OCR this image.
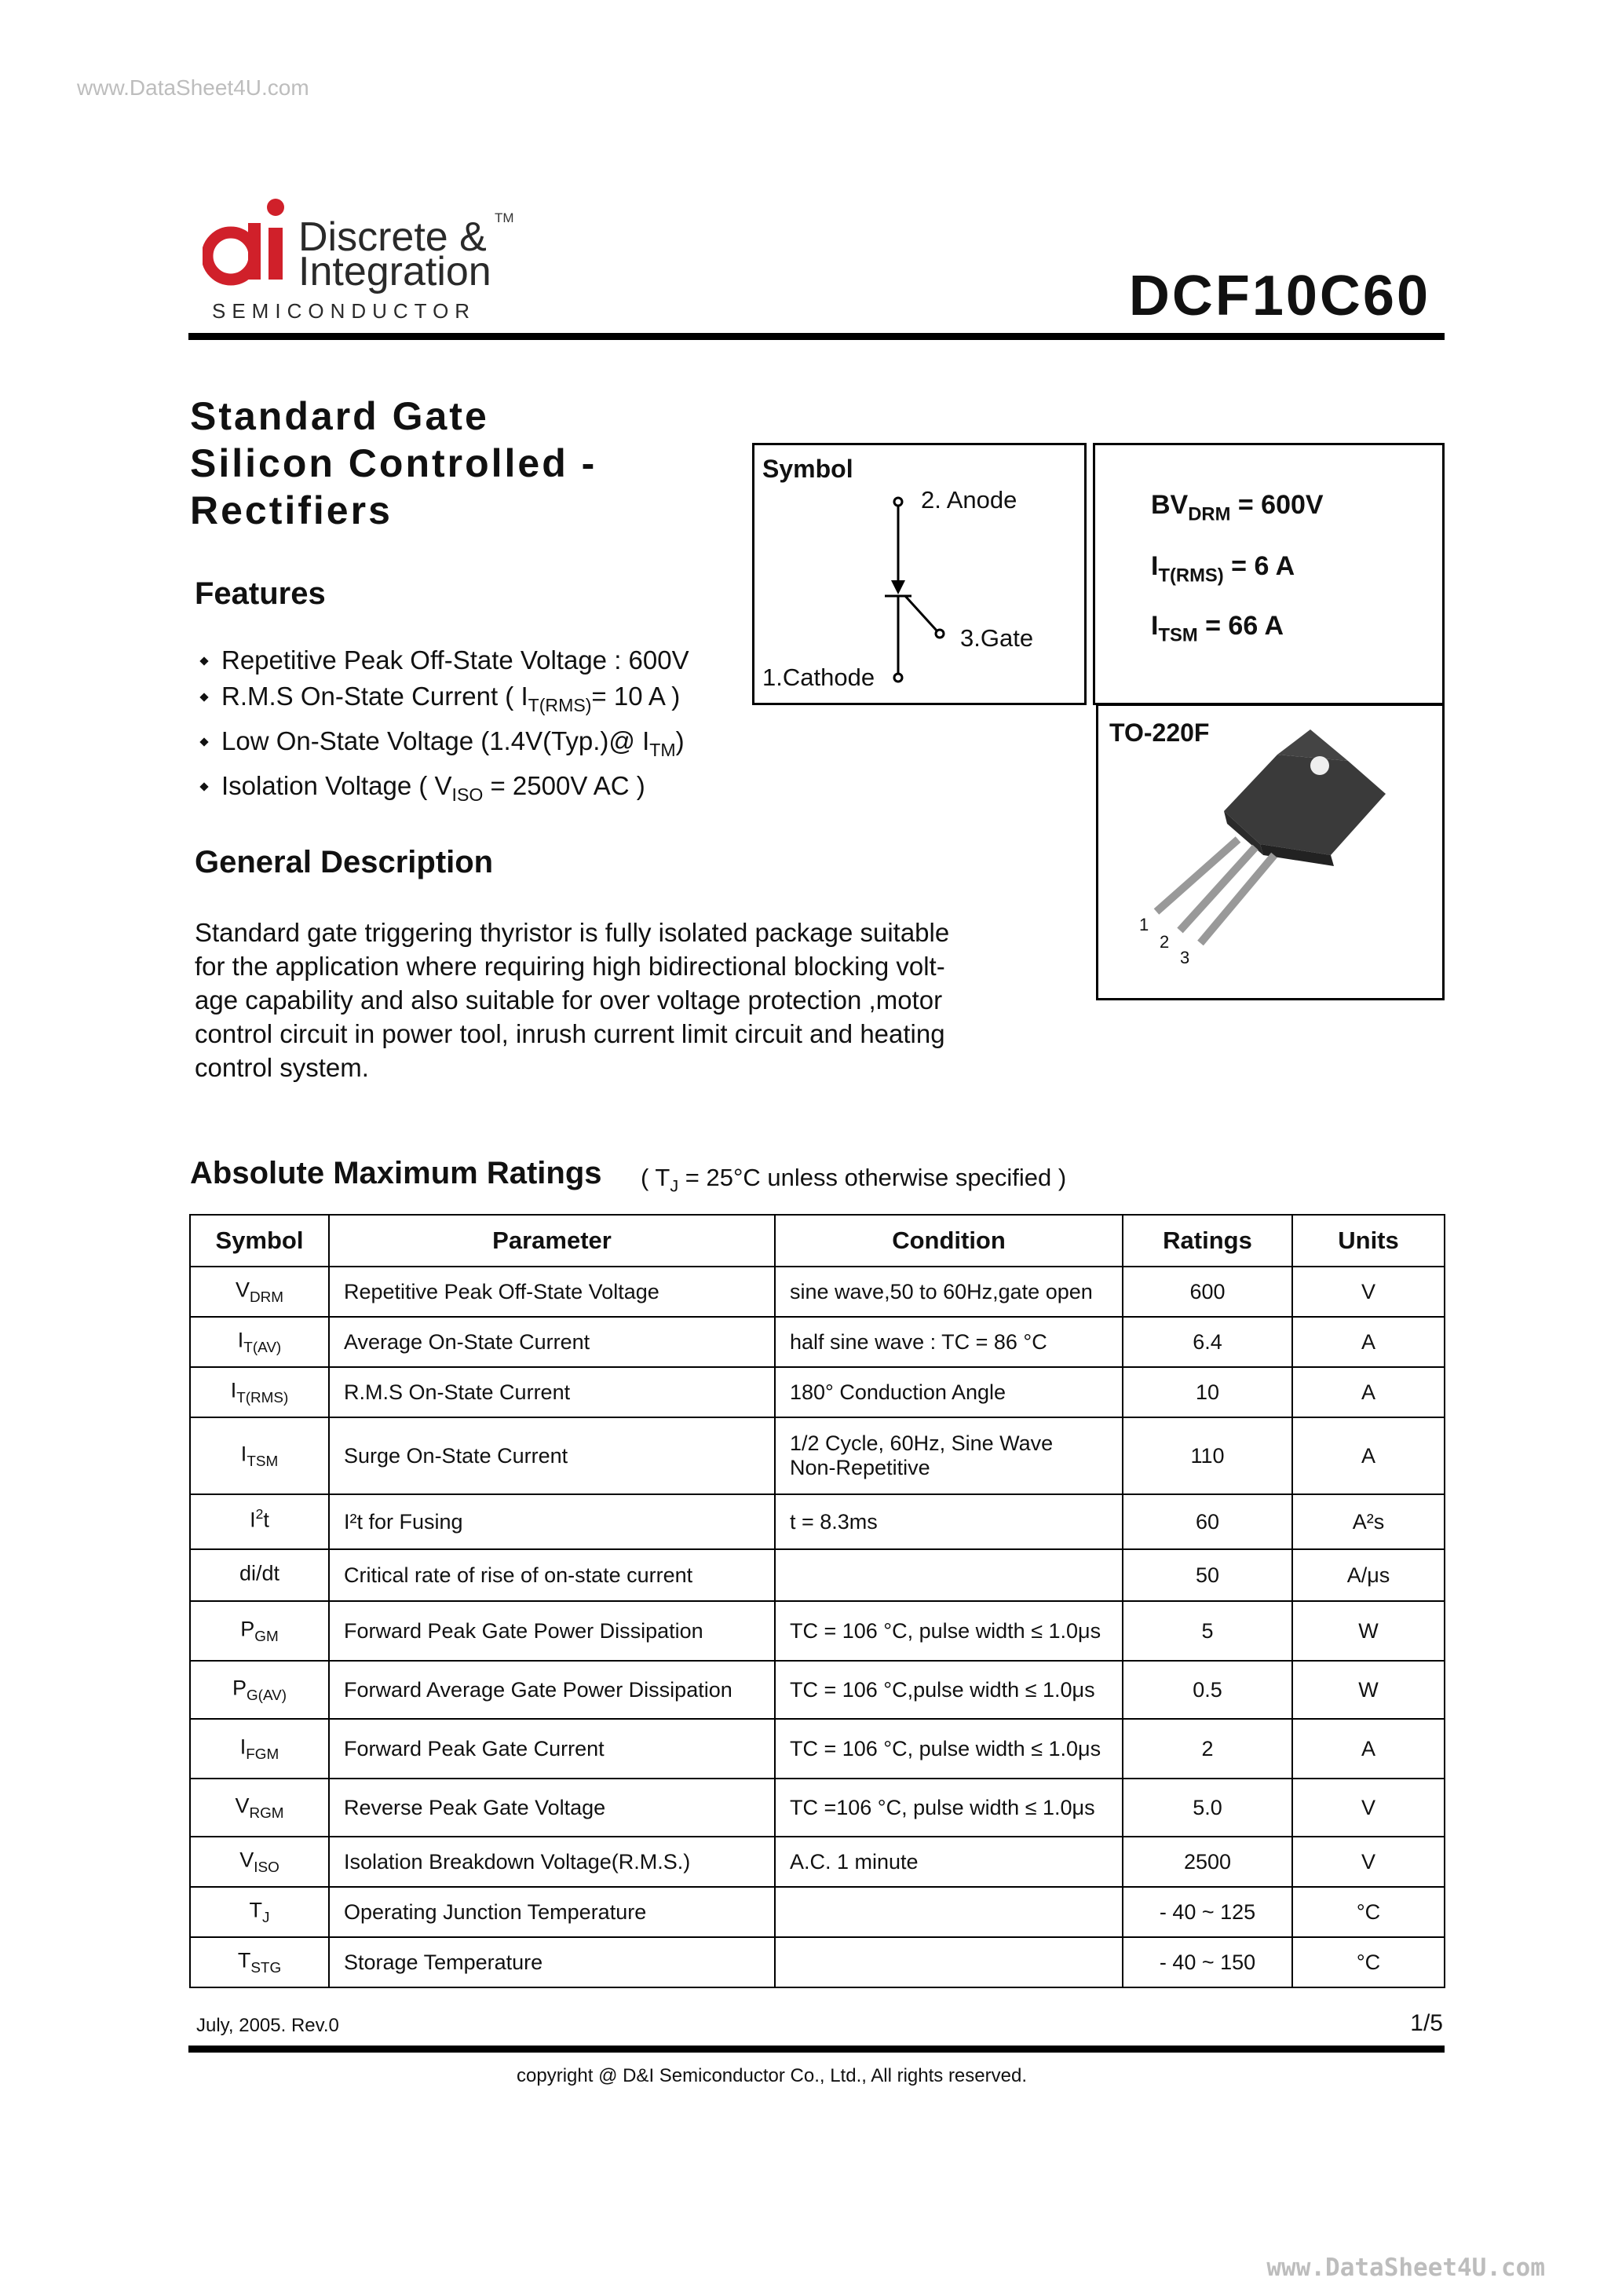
www.DataSheet4U.com
Discrete &
Integration
TM
SEMICONDUCTOR	DCF10C60
Standard Gate
Silicon Controlled -
Rectifiers
Features
Repetitive Peak Off-State Voltage : 600V
R.M.S On-State Current ( $I_{T(RMS)}= 10$ A )
Low On-State Voltage (1.4V(Typ.)@ $I_{TM}$)
Isolation Voltage ( $V_{ISO} = 2500V$ AC )
General Description
Standard gate triggering thyristor is fully isolated package suitable
for the application where requiring high bidirectional blocking volt-
age capability and also suitable for over voltage protection ,motor
control circuit in power tool, inrush current limit circuit and heating
control system.
Symbol
2. Anode
3.Gate
1.Cathode
$BV_{DRM} = 600V$
$I_{T(RMS)} = 6$ A
$I_{TSM} = 66$ A
TO-220F
1
2
3
Absolute Maximum Ratings ( $T_J = 25^\circ C$ unless otherwise specified )
Symbol	Parameter	Condition	Ratings	Units
$V_{DRM}$	Repetitive Peak Off-State Voltage	sine wave,50 to 60Hz,gate open	600	V
$I_{T(AV)}$	Average On-State Current	half sine wave : TC = 86 °C	6.4	A
$I_{T(RMS)}$	R.M.S On-State Current	180° Conduction Angle	10	A
$I_{TSM}$	Surge On-State Current	1/2 Cycle, 60Hz, Sine Wave
Non-Repetitive	110	A
$I^2t$	I²t for Fusing	t = 8.3ms	60	A²s
di/dt	Critical rate of rise of on-state current		50	A/μs
$P_{GM}$	Forward Peak Gate Power Dissipation	TC = 106 °C, pulse width ≤ 1.0μs	5	W
$P_{G(AV)}$	Forward Average Gate Power Dissipation	TC = 106 °C,pulse width ≤ 1.0μs	0.5	W
$I_{FGM}$	Forward Peak Gate Current	TC = 106 °C, pulse width ≤ 1.0μs	2	A
$V_{RGM}$	Reverse Peak Gate Voltage	TC =106 °C, pulse width ≤ 1.0μs	5.0	V
$V_{ISO}$	Isolation Breakdown Voltage(R.M.S.)	A.C. 1 minute	2500	V
$T_J$	Operating Junction Temperature		- 40 ~ 125	°C
$T_{STG}$	Storage Temperature		- 40 ~ 150	°C
July, 2005. Rev.0	1/5
copyright @ D&I Semiconductor Co., Ltd., All rights reserved.
www.DataSheet4U.com
